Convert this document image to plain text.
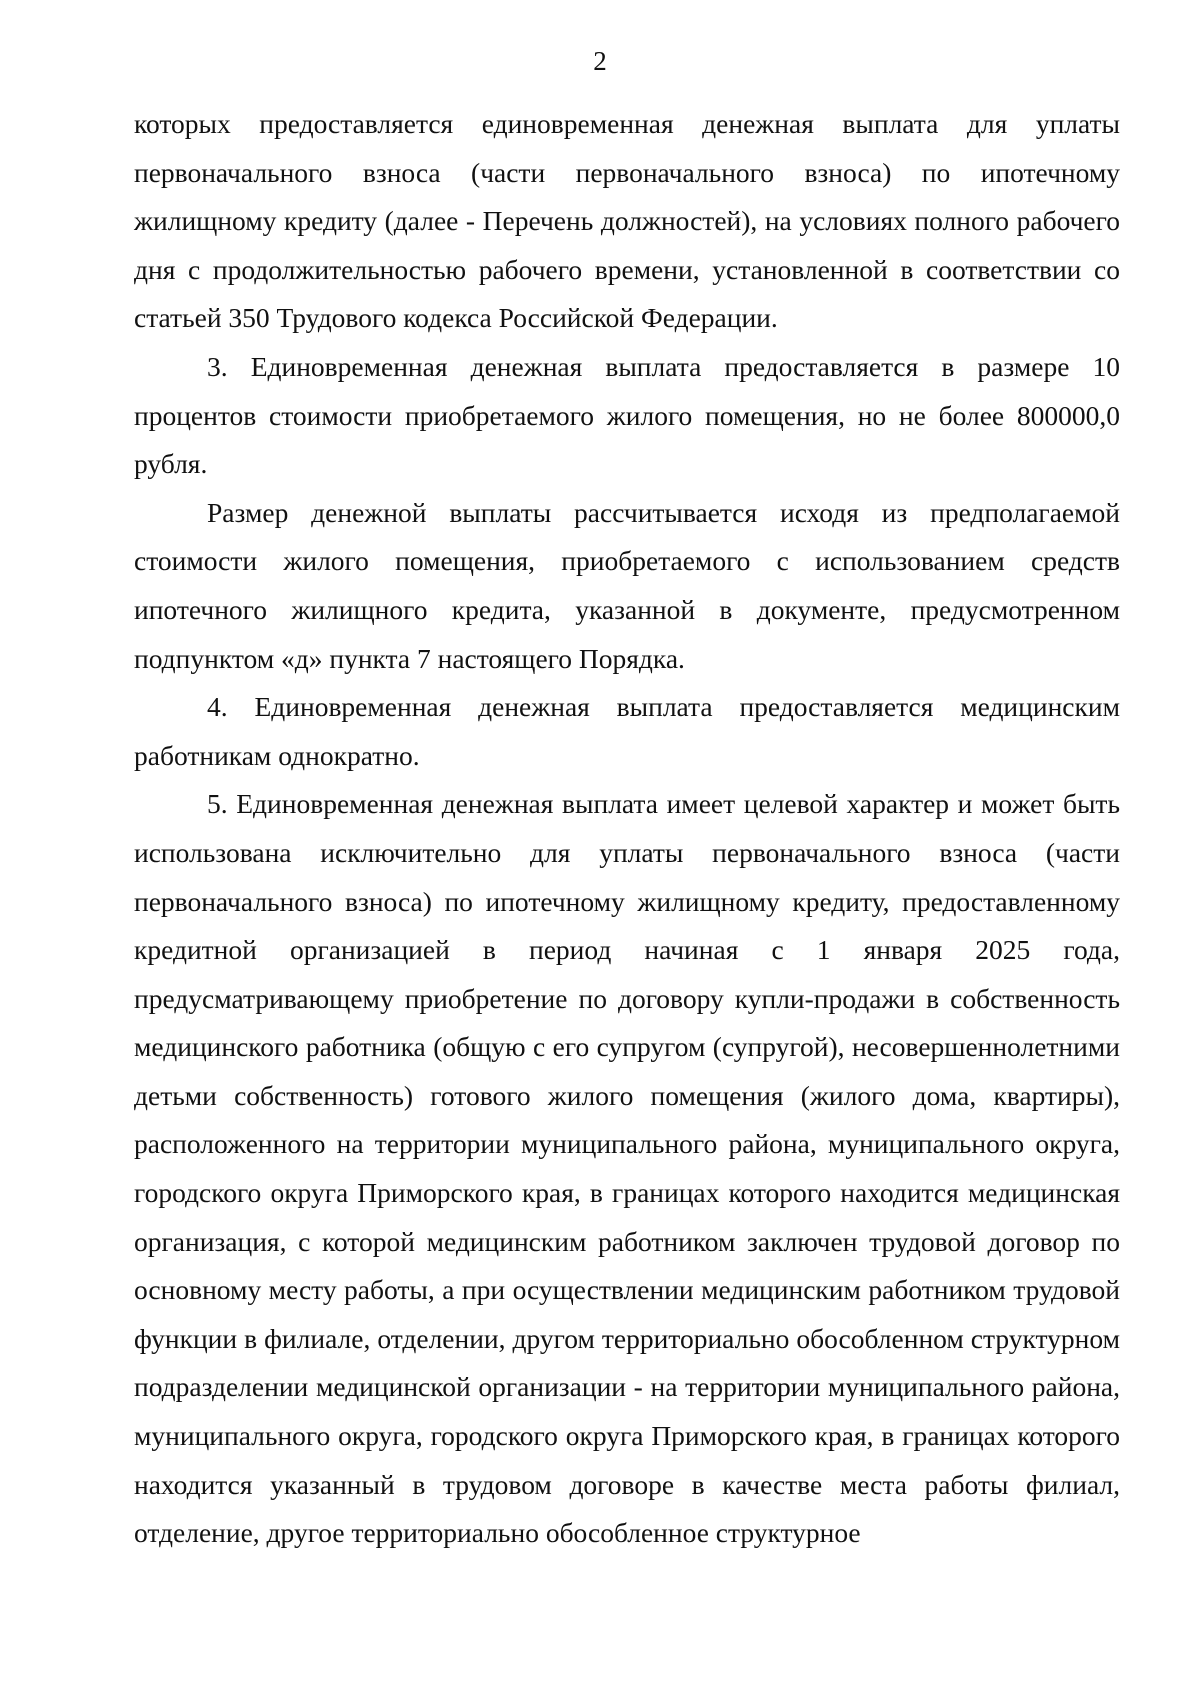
2

которых предоставляется единовременная денежная выплата для уплаты первоначального взноса (части первоначального взноса) по ипотечному жилищному кредиту (далее - Перечень должностей), на условиях полного рабочего дня с продолжительностью рабочего времени, установленной в соответствии со статьей 350 Трудового кодекса Российской Федерации.

3. Единовременная денежная выплата предоставляется в размере 10 процентов стоимости приобретаемого жилого помещения, но не более 800000,0 рубля.

Размер денежной выплаты рассчитывается исходя из предполагаемой стоимости жилого помещения, приобретаемого с использованием средств ипотечного жилищного кредита, указанной в документе, предусмотренном подпунктом «д» пункта 7 настоящего Порядка.

4. Единовременная денежная выплата предоставляется медицинским работникам однократно.

5. Единовременная денежная выплата имеет целевой характер и может быть использована исключительно для уплаты первоначального взноса (части первоначального взноса) по ипотечному жилищному кредиту, предоставленному кредитной организацией в период начиная с 1 января 2025 года, предусматривающему приобретение по договору купли-продажи в собственность медицинского работника (общую с его супругом (супругой), несовершеннолетними детьми собственность) готового жилого помещения (жилого дома, квартиры), расположенного на территории муниципального района, муниципального округа, городского округа Приморского края, в границах которого находится медицинская организация, с которой медицинским работником заключен трудовой договор по основному месту работы, а при осуществлении медицинским работником трудовой функции в филиале, отделении, другом территориально обособленном структурном подразделении медицинской организации - на территории муниципального района, муниципального округа, городского округа Приморского края, в границах которого находится указанный в трудовом договоре в качестве места работы филиал, отделение, другое территориально обособленное структурное
